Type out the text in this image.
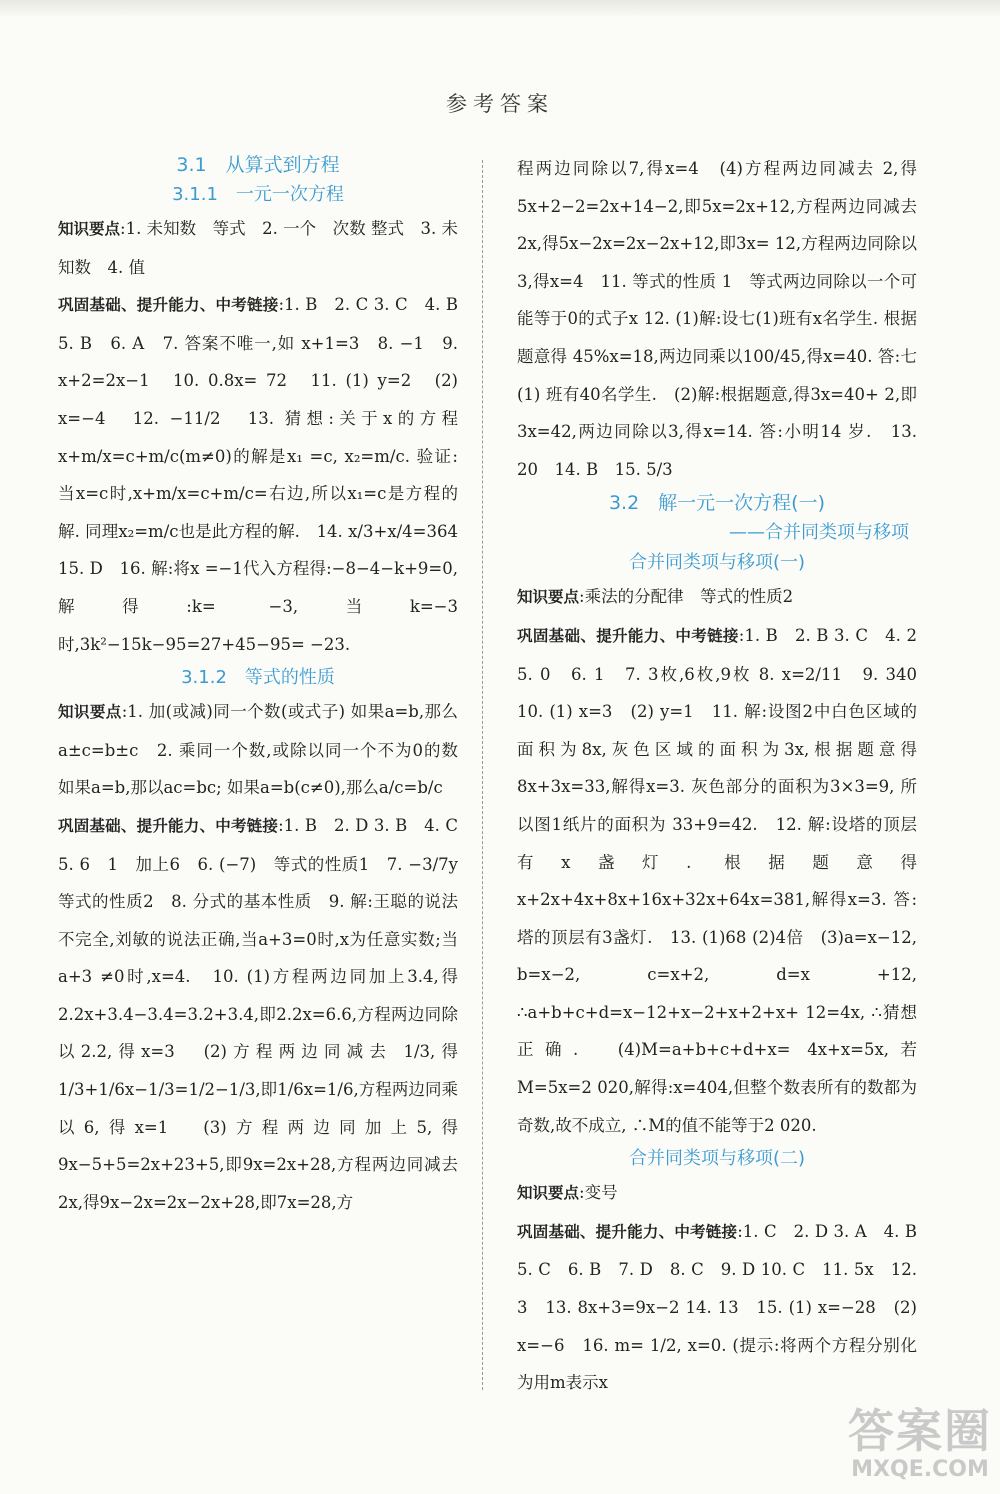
参考答案
3.1　从算式到方程
3.1.1　一元一次方程

知识要点:1. 未知数　等式　2. 一个　次数 整式　3. 未知数　4. 值

巩固基础、提升能力、中考链接:1. B　2. C 3. C　4. B　5. B　6. A　7. 答案不唯一,如 x+1=3　8. −1　9. x+2=2x−1　10. 0.8x= 72　11. (1) y=2　(2) x=−4　12. −11/2　13. 猜想:关于x的方程x+m/x=c+m/c(m≠0)的解是x₁ =c, x₂=m/c. 验证:当x=c时,x+m/x=c+m/c=右边,所以x₁=c是方程的解. 同理x₂=m/c也是此方程的解.　14. x/3+x/4=364　15. D　16. 解:将x =−1代入方程得:−8−4−k+9=0,解得:k= −3,当k=−3时,3k²−15k−95=27+45−95= −23.

3.1.2　等式的性质

知识要点:1. 加(或减)同一个数(或式子) 如果a=b,那么a±c=b±c　2. 乘同一个数,或除以同一个不为0的数　如果a=b,那以ac=bc; 如果a=b(c≠0),那么a/c=b/c

巩固基础、提升能力、中考链接:1. B　2. D 3. B　4. C　5. 6　1　加上6　6. (−7)　等式的性质1　7. −3/7y　等式的性质2　8. 分式的基本性质　9. 解:王聪的说法不完全,刘敏的说法正确,当a+3=0时,x为任意实数;当a+3 ≠0时,x=4.　10. (1)方程两边同加上3.4,得 2.2x+3.4−3.4=3.2+3.4,即2.2x=6.6,方程两边同除以2.2,得x=3　(2)方程两边同减去 1/3,得1/3+1/6x−1/3=1/2−1/3,即1/6x=1/6,方程两边同乘以6,得x=1　(3)方程两边同加上5,得 9x−5+5=2x+23+5,即9x=2x+28,方程两边同减去2x,得9x−2x=2x−2x+28,即7x=28,方

程两边同除以7,得x=4　(4)方程两边同减去 2,得5x+2−2=2x+14−2,即5x=2x+12,方程两边同减去2x,得5x−2x=2x−2x+12,即3x= 12,方程两边同除以3,得x=4　11. 等式的性质 1　等式两边同除以一个可能等于0的式子x 12. (1)解:设七(1)班有x名学生. 根据题意得 45%x=18,两边同乘以100/45,得x=40. 答:七(1) 班有40名学生.　(2)解:根据题意,得3x=40+ 2,即3x=42,两边同除以3,得x=14. 答:小明14 岁.　13. 20　14. B　15. 5/3

3.2　解一元一次方程(一)
——合并同类项与移项
合并同类项与移项(一)

知识要点:乘法的分配律　等式的性质2

巩固基础、提升能力、中考链接:1. B　2. B 3. C　4. 2　5. 0　6. 1　7. 3枚,6枚,9枚 8. x=2/11　9. 340　10. (1) x=3　(2) y=1　11. 解:设图2中白色区域的面积为8x,灰色区域的面积为3x,根据题意得8x+3x=33,解得x=3. 灰色部分的面积为3×3=9, 所以图1纸片的面积为 33+9=42.　12. 解:设塔的顶层有x盏灯. 根据题意得x+2x+4x+8x+16x+32x+64x=381,解得x=3. 答:塔的顶层有3盏灯.　13. (1)68 (2)4倍　(3)a=x−12, b=x−2, c=x+2, d=x +12, ∴a+b+c+d=x−12+x−2+x+2+x+ 12=4x, ∴猜想正确.　(4)M=a+b+c+d+x= 4x+x=5x,若M=5x=2 020,解得:x=404,但整个数表所有的数都为奇数,故不成立, ∴M的值不能等于2 020.

合并同类项与移项(二)

知识要点:变号

巩固基础、提升能力、中考链接:1. C　2. D 3. A　4. B　5. C　6. B　7. D　8. C　9. D 10. C　11. 5x　12. 3　13. 8x+3=9x−2 14. 13　15. (1) x=−28　(2) x=−6　16. m= 1/2, x=0. (提示:将两个方程分别化为用m表示x

答案圈
MXQE.COM
